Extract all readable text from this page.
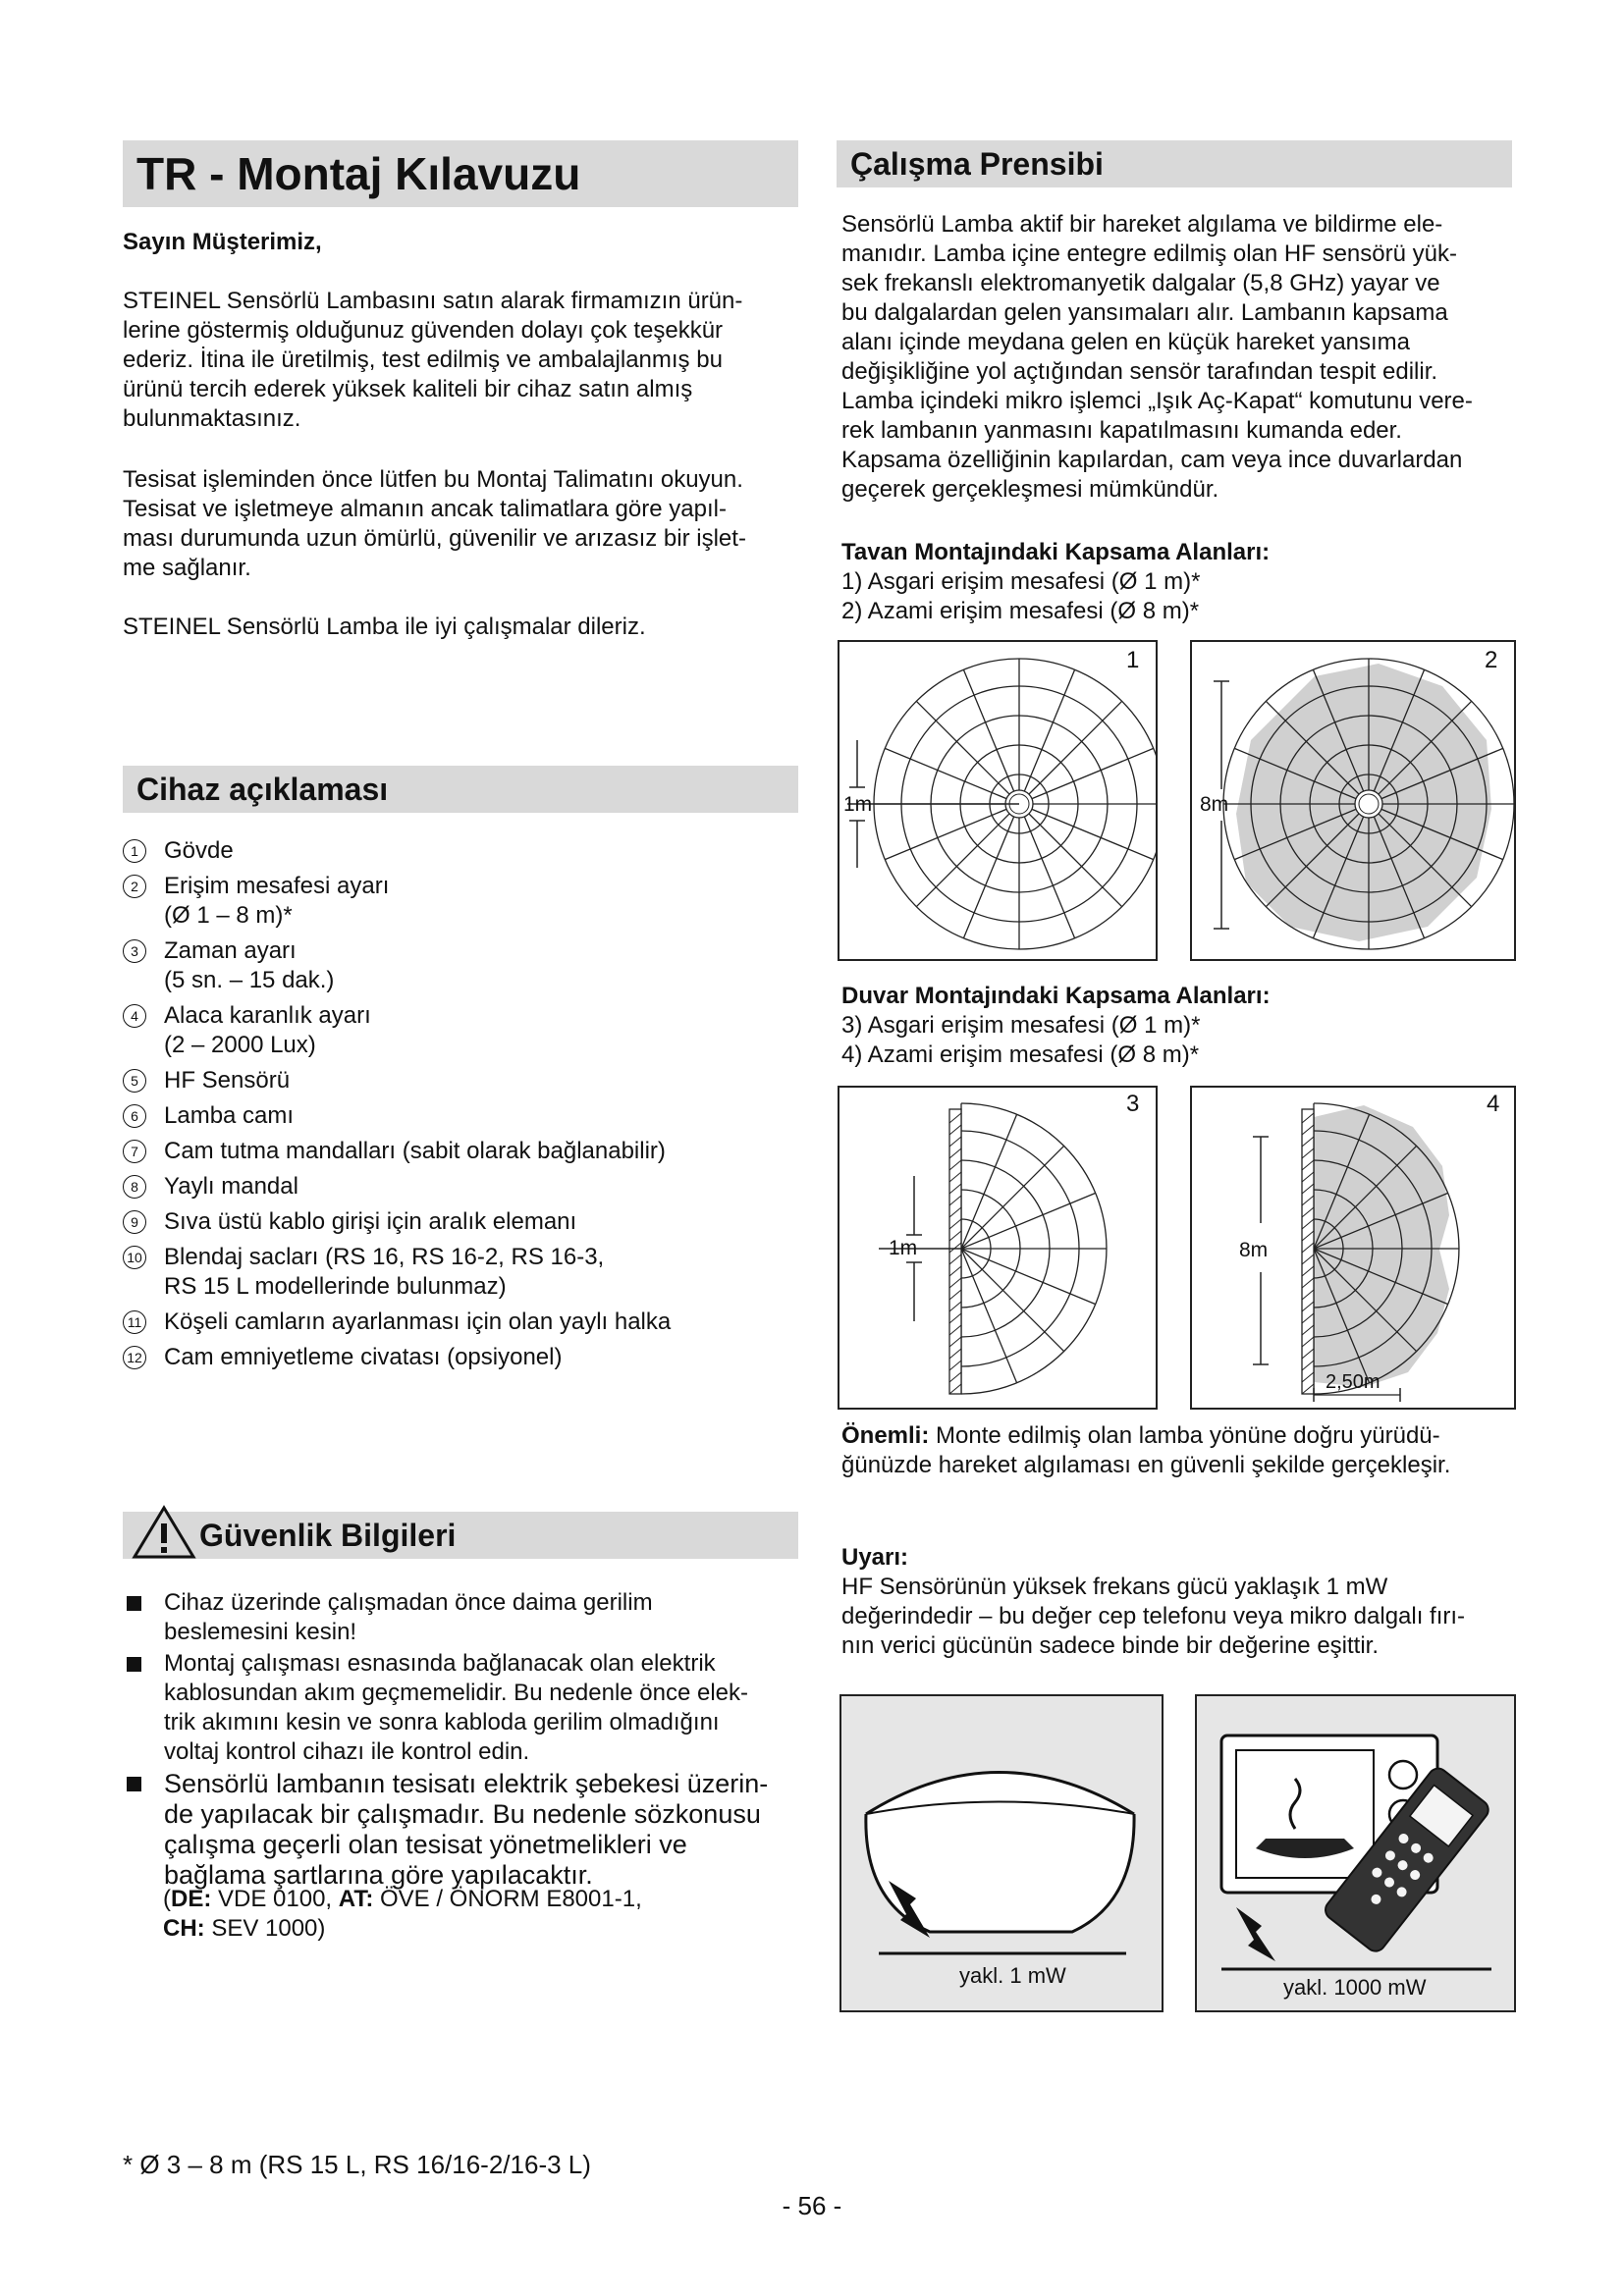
TR - Montaj Kılavuzu

Sayın Müşterimiz,

STEINEL Sensörlü Lambasını satın alarak firmamızın ürün-
lerine göstermiş olduğunuz güvenden dolayı çok teşekkür
ederiz. İtina ile üretilmiş, test edilmiş ve ambalajlanmış bu
ürünü tercih ederek yüksek kaliteli bir cihaz satın almış
bulunmaktasınız.
Tesisat işleminden önce lütfen bu Montaj Talimatını okuyun.
Tesisat ve işletmeye almanın ancak talimatlara göre yapıl-
ması durumunda uzun ömürlü, güvenilir ve arızasız bir işlet-
me sağlanır.

STEINEL Sensörlü Lamba ile iyi çalışmalar dileriz.

Cihaz açıklaması
1	Gövde
2	Erişim mesafesi ayarı
(Ø 1 – 8 m)*
3	Zaman ayarı
(5 sn. – 15 dak.)
4	Alaca karanlık ayarı
(2 – 2000 Lux)
5	HF Sensörü
6	Lamba camı
7	Cam tutma mandalları (sabit olarak bağlanabilir)
8	Yaylı mandal
9	Sıva üstü kablo girişi için aralık elemanı
10 Blendaj sacları (RS 16, RS 16-2, RS 16-3,
RS 15 L modellerinde bulunmaz)
11 Köşeli camların ayarlanması için olan yaylı halka
12 Cam emniyetleme civatası (opsiyonel)
Güvenlik Bilgileri
Cihaz üzerinde çalışmadan önce daima gerilim
beslemesini kesin!
Montaj çalışması esnasında bağlanacak olan elektrik
kablosundan akım geçmemelidir. Bu nedenle önce elek-
trik akımını kesin ve sonra kabloda gerilim olmadığını
voltaj kontrol cihazı ile kontrol edin.
Sensörlü lambanın tesisatı elektrik şebekesi üzerin-
de yapılacak bir çalışmadır. Bu nedenle sözkonusu
çalışma geçerli olan tesisat yönetmelikleri ve
bağlama şartlarına göre yapılacaktır.
(DE: VDE 0100, AT: ÖVE / ÖNORM E8001-1,
CH: SEV 1000)
Çalışma Prensibi
Sensörlü Lamba aktif bir hareket algılama ve bildirme ele-
manıdır. Lamba içine entegre edilmiş olan HF sensörü yük-
sek frekanslı elektromanyetik dalgalar (5,8 GHz) yayar ve
bu dalgalardan gelen yansımaları alır. Lambanın kapsama
alanı içinde meydana gelen en küçük hareket yansıma
değişikliğine yol açtığından sensör tarafından tespit edilir.
Lamba içindeki mikro işlemci „Işık Aç-Kapat“ komutunu vere-
rek lambanın yanmasını kapatılmasını kumanda eder.
Kapsama özelliğinin kapılardan, cam veya ince duvarlardan
geçerek gerçekleşmesi mümkündür.
Tavan Montajındaki Kapsama Alanları:
1) Asgari erişim mesafesi (Ø 1 m)*
2) Azami erişim mesafesi (Ø 8 m)*
1m
1
8m
2
Duvar Montajındaki Kapsama Alanları:
3) Asgari erişim mesafesi (Ø 1 m)*
4) Azami erişim mesafesi (Ø 8 m)*
1m
3
8m
4
2,50m
Önemli: Monte edilmiş olan lamba yönüne doğru yürüdü-
ğünüzde hareket algılaması en güvenli şekilde gerçekleşir.
Uyarı:
HF Sensörünün yüksek frekans gücü yaklaşık 1 mW
değerindedir – bu değer cep telefonu veya mikro dalgalı fırı-
nın verici gücünün sadece binde bir değerine eşittir.
yakl. 1 mW	yakl. 1000 mW

* Ø 3 – 8 m (RS 15 L, RS 16/16-2/16-3 L)

- 56 -
